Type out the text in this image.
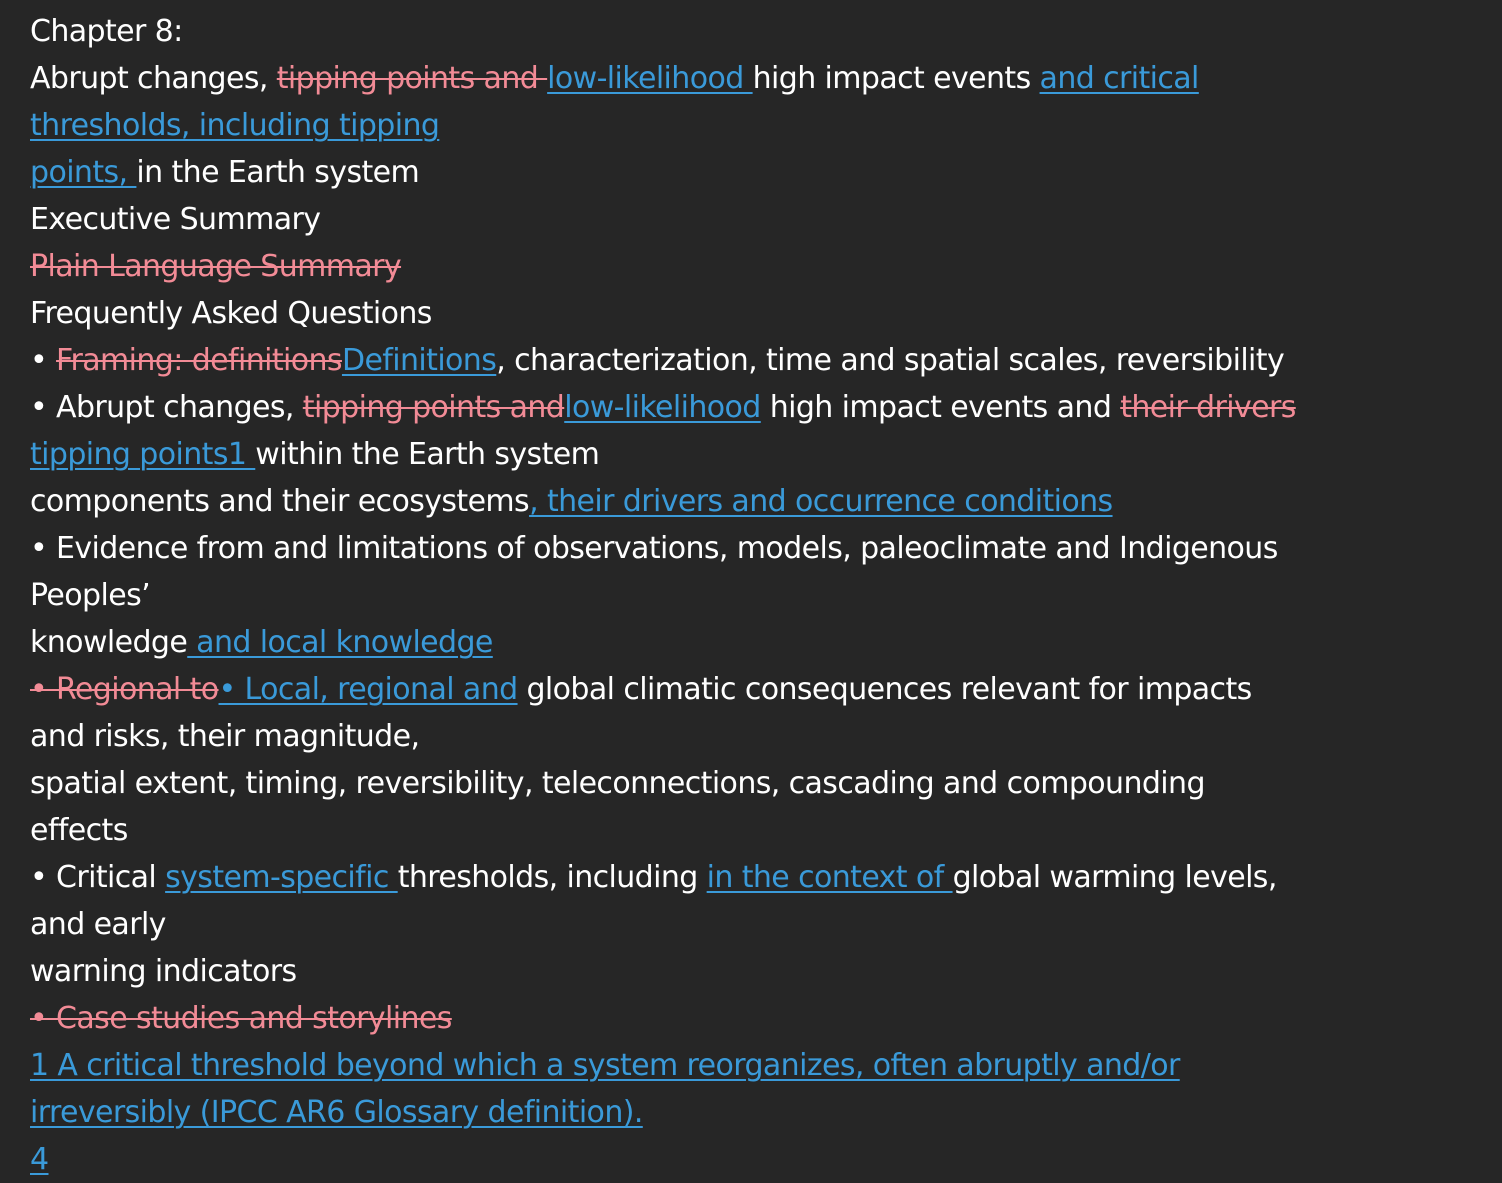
Chapter 8:
Abrupt changes, tipping points and low-likelihood high impact events and critical
thresholds, including tipping
points, in the Earth system
Executive Summary
Plain Language Summary
Frequently Asked Questions
• Framing: definitionsDefinitions, characterization, time and spatial scales, reversibility
• Abrupt changes, tipping points andlow-likelihood high impact events and their drivers
tipping points1 within the Earth system
components and their ecosystems, their drivers and occurrence conditions
• Evidence from and limitations of observations, models, paleoclimate and Indigenous
Peoples’
knowledge and local knowledge
• Regional to• Local, regional and global climatic consequences relevant for impacts
and risks, their magnitude,
spatial extent, timing, reversibility, teleconnections, cascading and compounding
effects
• Critical system-specific thresholds, including in the context of global warming levels,
and early
warning indicators
• Case studies and storylines
1 A critical threshold beyond which a system reorganizes, often abruptly and/or
irreversibly (IPCC AR6 Glossary definition).
4
